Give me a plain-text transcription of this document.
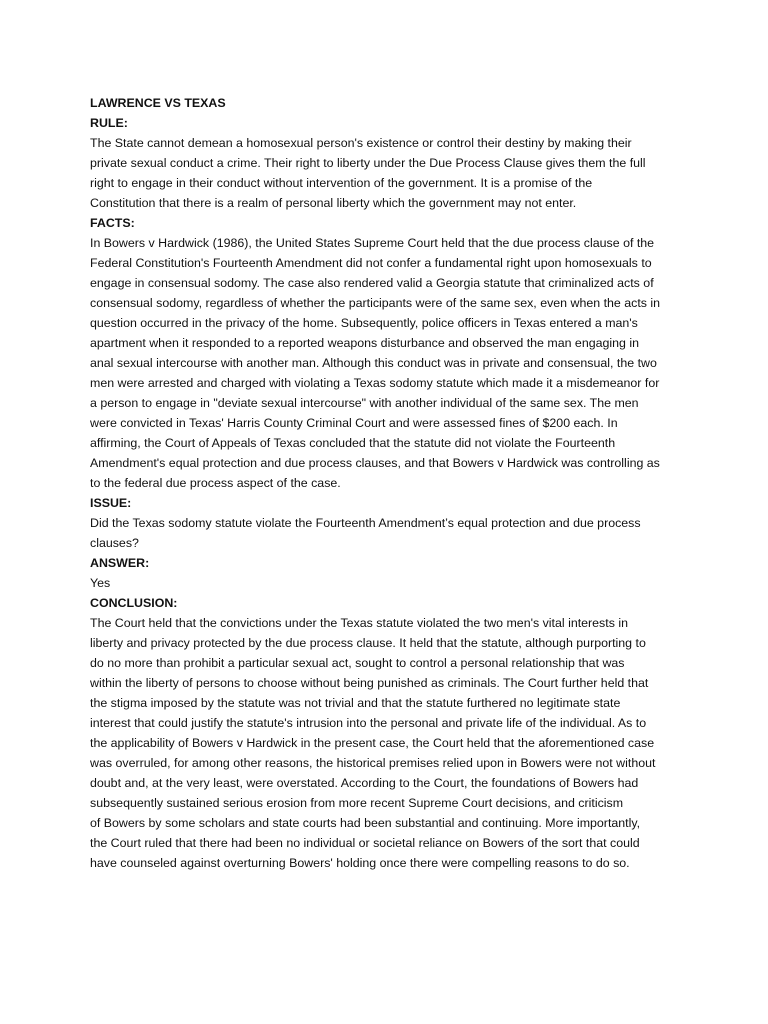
LAWRENCE VS TEXAS
RULE:
The State cannot demean a homosexual person's existence or control their destiny by making their
private sexual conduct a crime. Their right to liberty under the Due Process Clause gives them the full
right to engage in their conduct without intervention of the government. It is a promise of the
Constitution that there is a realm of personal liberty which the government may not enter.
FACTS:
In Bowers v Hardwick (1986), the United States Supreme Court held that the due process clause of the
Federal Constitution's Fourteenth Amendment did not confer a fundamental right upon homosexuals to
engage in consensual sodomy. The case also rendered valid a Georgia statute that criminalized acts of
consensual sodomy, regardless of whether the participants were of the same sex, even when the acts in
question occurred in the privacy of the home. Subsequently, police officers in Texas entered a man's
apartment when it responded to a reported weapons disturbance and observed the man engaging in
anal sexual intercourse with another man. Although this conduct was in private and consensual, the two
men were arrested and charged with violating a Texas sodomy statute which made it a misdemeanor for
a person to engage in "deviate sexual intercourse" with another individual of the same sex. The men
were convicted in Texas' Harris County Criminal Court and were assessed fines of $200 each. In
affirming, the Court of Appeals of Texas concluded that the statute did not violate the Fourteenth
Amendment's equal protection and due process clauses, and that Bowers v Hardwick was controlling as
to the federal due process aspect of the case.
ISSUE:
Did the Texas sodomy statute violate the Fourteenth Amendment’s equal protection and due process
clauses?
ANSWER:
Yes
CONCLUSION:
The Court held that the convictions under the Texas statute violated the two men's vital interests in
liberty and privacy protected by the due process clause. It held that the statute, although purporting to
do no more than prohibit a particular sexual act, sought to control a personal relationship that was
within the liberty of persons to choose without being punished as criminals. The Court further held that
the stigma imposed by the statute was not trivial and that the statute furthered no legitimate state
interest that could justify the statute's intrusion into the personal and private life of the individual. As to
the applicability of Bowers v Hardwick in the present case, the Court held that the aforementioned case
was overruled, for among other reasons, the historical premises relied upon in Bowers were not without
doubt and, at the very least, were overstated. According to the Court, the foundations of Bowers had
subsequently sustained serious erosion from more recent Supreme Court decisions, and criticism
of Bowers by some scholars and state courts had been substantial and continuing. More importantly,
the Court ruled that there had been no individual or societal reliance on Bowers of the sort that could
have counseled against overturning Bowers' holding once there were compelling reasons to do so.
